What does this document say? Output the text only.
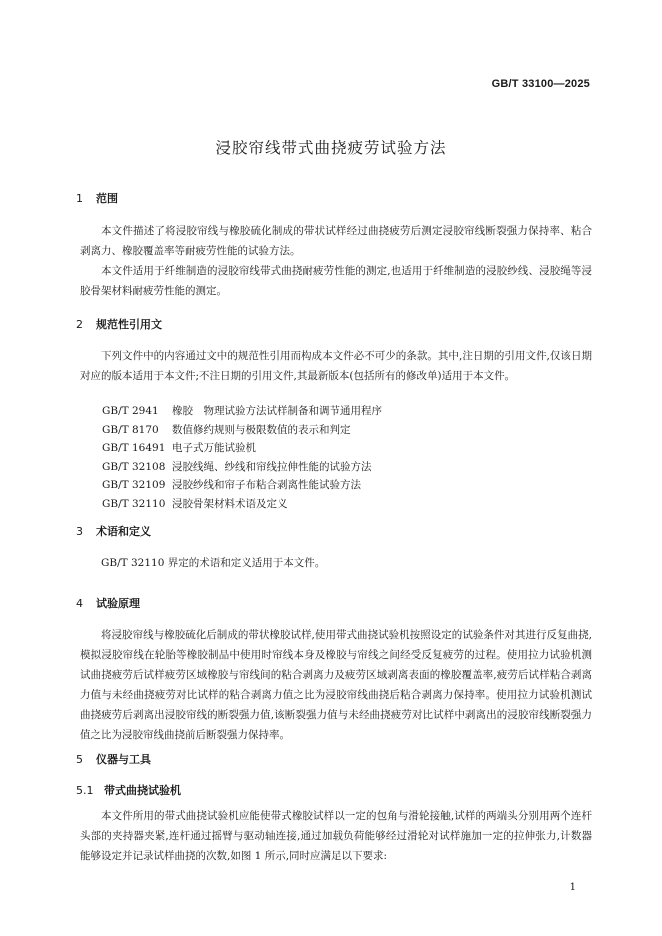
GB/T 33100—2025
浸胶帘线带式曲挠疲劳试验方法
1 范围

本文件描述了将浸胶帘线与橡胶硫化制成的带状试样经过曲挠疲劳后测定浸胶帘线断裂强力保持率、粘合剥离力、橡胶覆盖率等耐疲劳性能的试验方法。

本文件适用于纤维制造的浸胶帘线带式曲挠耐疲劳性能的测定,也适用于纤维制造的浸胶纱线、浸胶绳等浸胶骨架材料耐疲劳性能的测定。

2 规范性引用文

下列文件中的内容通过文中的规范性引用而构成本文件必不可少的条款。其中,注日期的引用文件,仅该日期对应的版本适用于本文件;不注日期的引用文件,其最新版本(包括所有的修改单)适用于本文件。

GB/T 2941 橡胶　物理试验方法试样制备和调节通用程序
GB/T 8170 数值修约规则与极限数值的表示和判定
GB/T 16491 电子式万能试验机
GB/T 32108 浸胶线绳、纱线和帘线拉伸性能的试验方法
GB/T 32109 浸胶纱线和帘子布粘合剥离性能试验方法
GB/T 32110 浸胶骨架材料术语及定义
3 术语和定义

GB/T 32110 界定的术语和定义适用于本文件。

4 试验原理

将浸胶帘线与橡胶硫化后制成的带状橡胶试样,使用带式曲挠试验机按照设定的试验条件对其进行反复曲挠,模拟浸胶帘线在轮胎等橡胶制品中使用时帘线本身及橡胶与帘线之间经受反复疲劳的过程。使用拉力试验机测试曲挠疲劳后试样疲劳区域橡胶与帘线间的粘合剥离力及疲劳区域剥离表面的橡胶覆盖率,疲劳后试样粘合剥离力值与未经曲挠疲劳对比试样的粘合剥离力值之比为浸胶帘线曲挠后粘合剥离力保持率。使用拉力试验机测试曲挠疲劳后剥离出浸胶帘线的断裂强力值,该断裂强力值与未经曲挠疲劳对比试样中剥离出的浸胶帘线断裂强力值之比为浸胶帘线曲挠前后断裂强力保持率。

5 仪器与工具
5.1 带式曲挠试验机

本文件所用的带式曲挠试验机应能使带式橡胶试样以一定的包角与滑轮接触,试样的两端头分别用两个连杆头部的夹持器夹紧,连杆通过摇臂与驱动轴连接,通过加载负荷能够经过滑轮对试样施加一定的拉伸张力,计数器能够设定并记录试样曲挠的次数,如图 1 所示,同时应满足以下要求:

1
